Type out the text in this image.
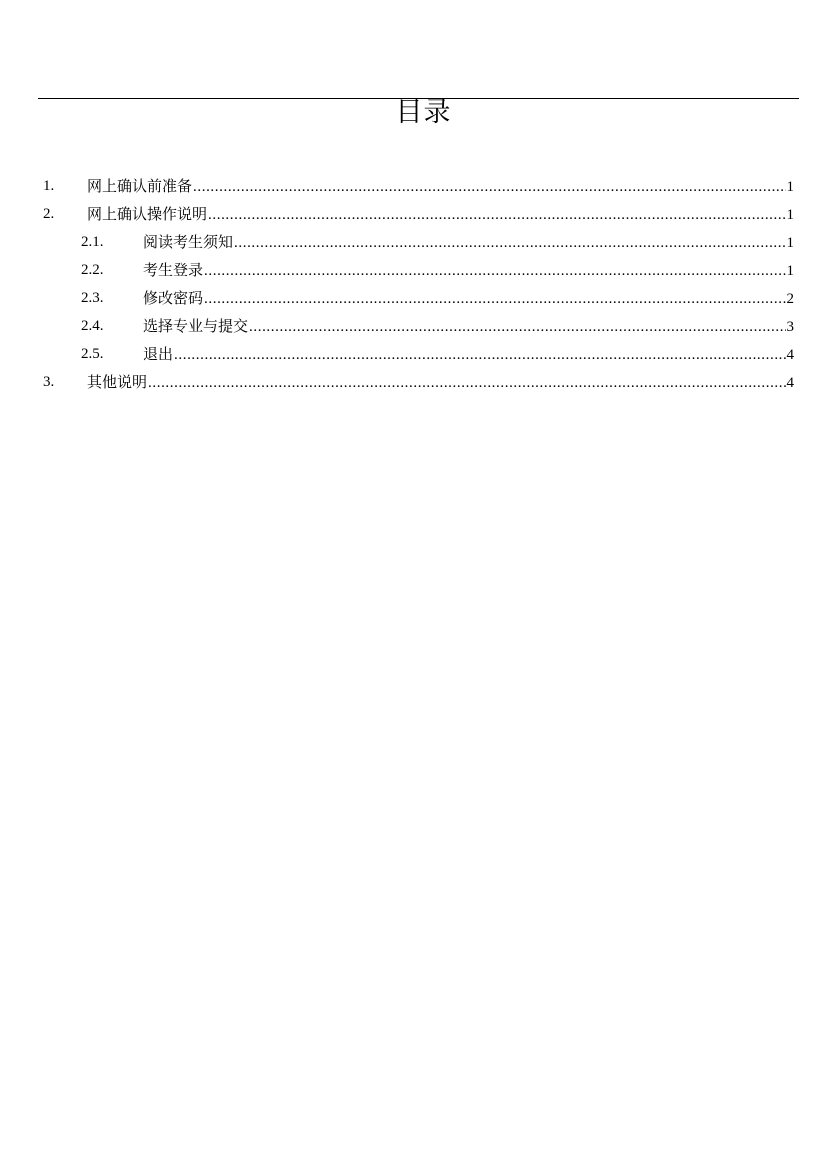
目录
1. 网上确认前准备 .....	1
2. 网上确认操作说明 .....	1
2.1.	阅读考生须知 .....	1
2.2.	考生登录 .....	1
2.3.	修改密码 .....	2
2.4.	选择专业与提交 .....	3
2.5.	退出 .....	4
3. 其他说明 .....	4
